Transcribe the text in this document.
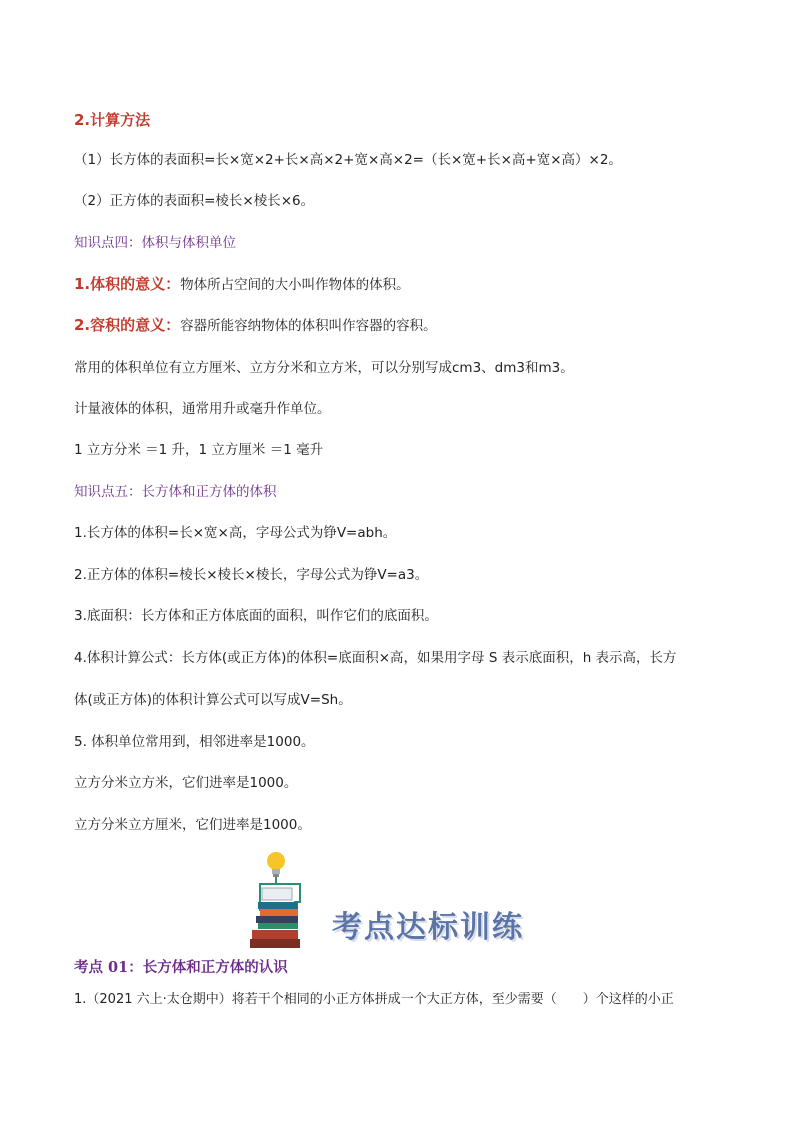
2.计算方法
（1）长方体的表面积=长×宽×2+长×高×2+宽×高×2=（长×宽+长×高+宽×高）×2。
（2）正方体的表面积=棱长×棱长×6。
知识点四：体积与体积单位
1.体积的意义：物体所占空间的大小叫作物体的体积。
2.容积的意义：容器所能容纳物体的体积叫作容器的容积。
常用的体积单位有立方厘米、立方分米和立方米，可以分别写成cm3、dm3和m3。
计量液体的体积，通常用升或毫升作单位。
1 立方分米 ＝1 升，1 立方厘米 ＝1 毫升
知识点五：长方体和正方体的体积
1.长方体的体积=长×宽×高，字母公式为铮V=abh。
2.正方体的体积=棱长×棱长×棱长，字母公式为铮V=a3。
3.底面积：长方体和正方体底面的面积，叫作它们的底面积。
4.体积计算公式：长方体(或正方体)的体积=底面积×高，如果用字母 S 表示底面积，h 表示高，长方
体(或正方体)的体积计算公式可以写成V=Sh。
5. 体积单位常用到，相邻进率是1000。
立方分米立方米，它们进率是1000。
立方分米立方厘米，它们进率是1000。
考点达标训练
考点 01：长方体和正方体的认识
1.（2021 六上·太仓期中）将若干个相同的小正方体拼成一个大正方体，至少需要（　　）个这样的小正
